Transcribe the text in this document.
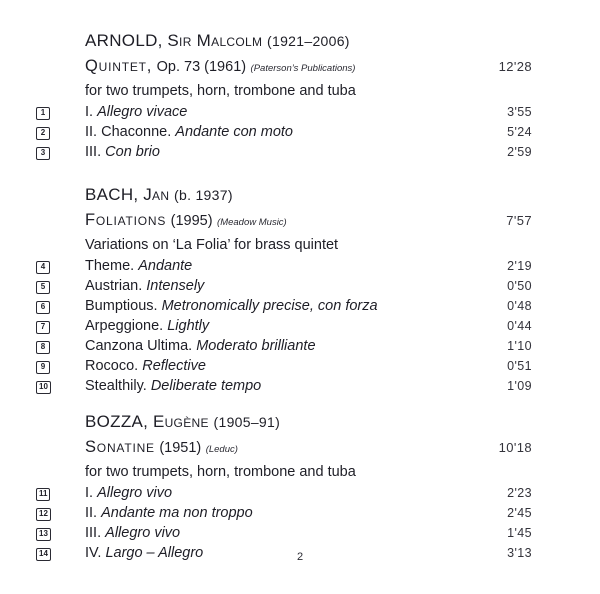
ARNOLD, Sir Malcolm (1921–2006)
Quintet, Op. 73 (1961) (Paterson’s Publications)	12'28
for two trumpets, horn, trombone and tuba
1	I. Allegro vivace	3'55
2	II. Chaconne. Andante con moto	5'24
3	III. Con brio	2'59
BACH, Jan (b. 1937)
Foliations (1995) (Meadow Music)	7'57
Variations on ‘La Folia’ for brass quintet
4	Theme. Andante	2'19
5	Austrian. Intensely	0'50
6	Bumptious. Metronomically precise, con forza	0'48
7	Arpeggione. Lightly	0'44
8	Canzona Ultima. Moderato brilliante	1'10
9	Rococo. Reflective	0'51
10	Stealthily. Deliberate tempo	1'09
BOZZA, Eugène (1905–91)
Sonatine (1951) (Leduc)	10'18
for two trumpets, horn, trombone and tuba
11	I. Allegro vivo	2'23
12	II. Andante ma non troppo	2'45
13	III. Allegro vivo	1'45
14	IV. Largo – Allegro	3'13
2
